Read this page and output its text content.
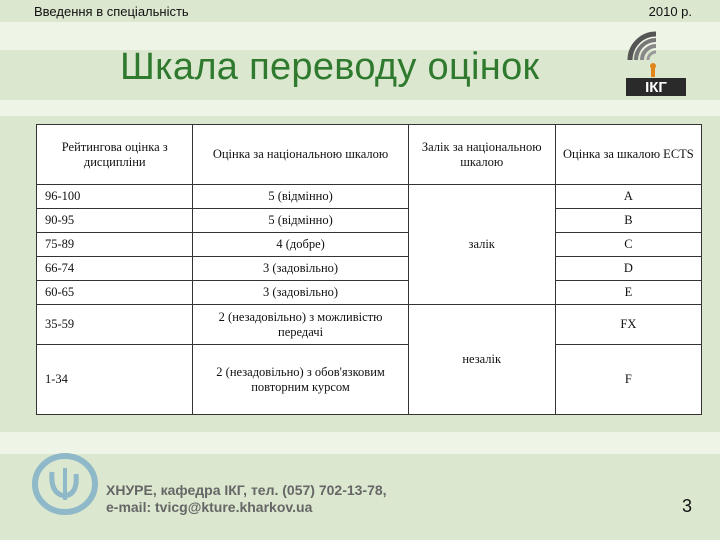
Введення в спеціальність	2010 р.
Шкала переводу оцінок	ІКГ
Рейтингова оцінка з дисципліни	Оцінка за національною шкалою	Залік за національною шкалою	Оцінка за шкалою ECTS
96-100	5 (відмінно)	залік	A
90-95	5 (відмінно)		B
75-89	4 (добре)		C
66-74	3 (задовільно)		D
60-65	3 (задовільно)		E
35-59	2 (незадовільно) з можливістю передачі	незалік	FX
1-34	2 (незадовільно) з обов'язковим повторним курсом		F
ХНУРЕ, кафедра ІКГ, тел. (057) 702-13-78,
e-mail: tvicg@kture.kharkov.ua	3
